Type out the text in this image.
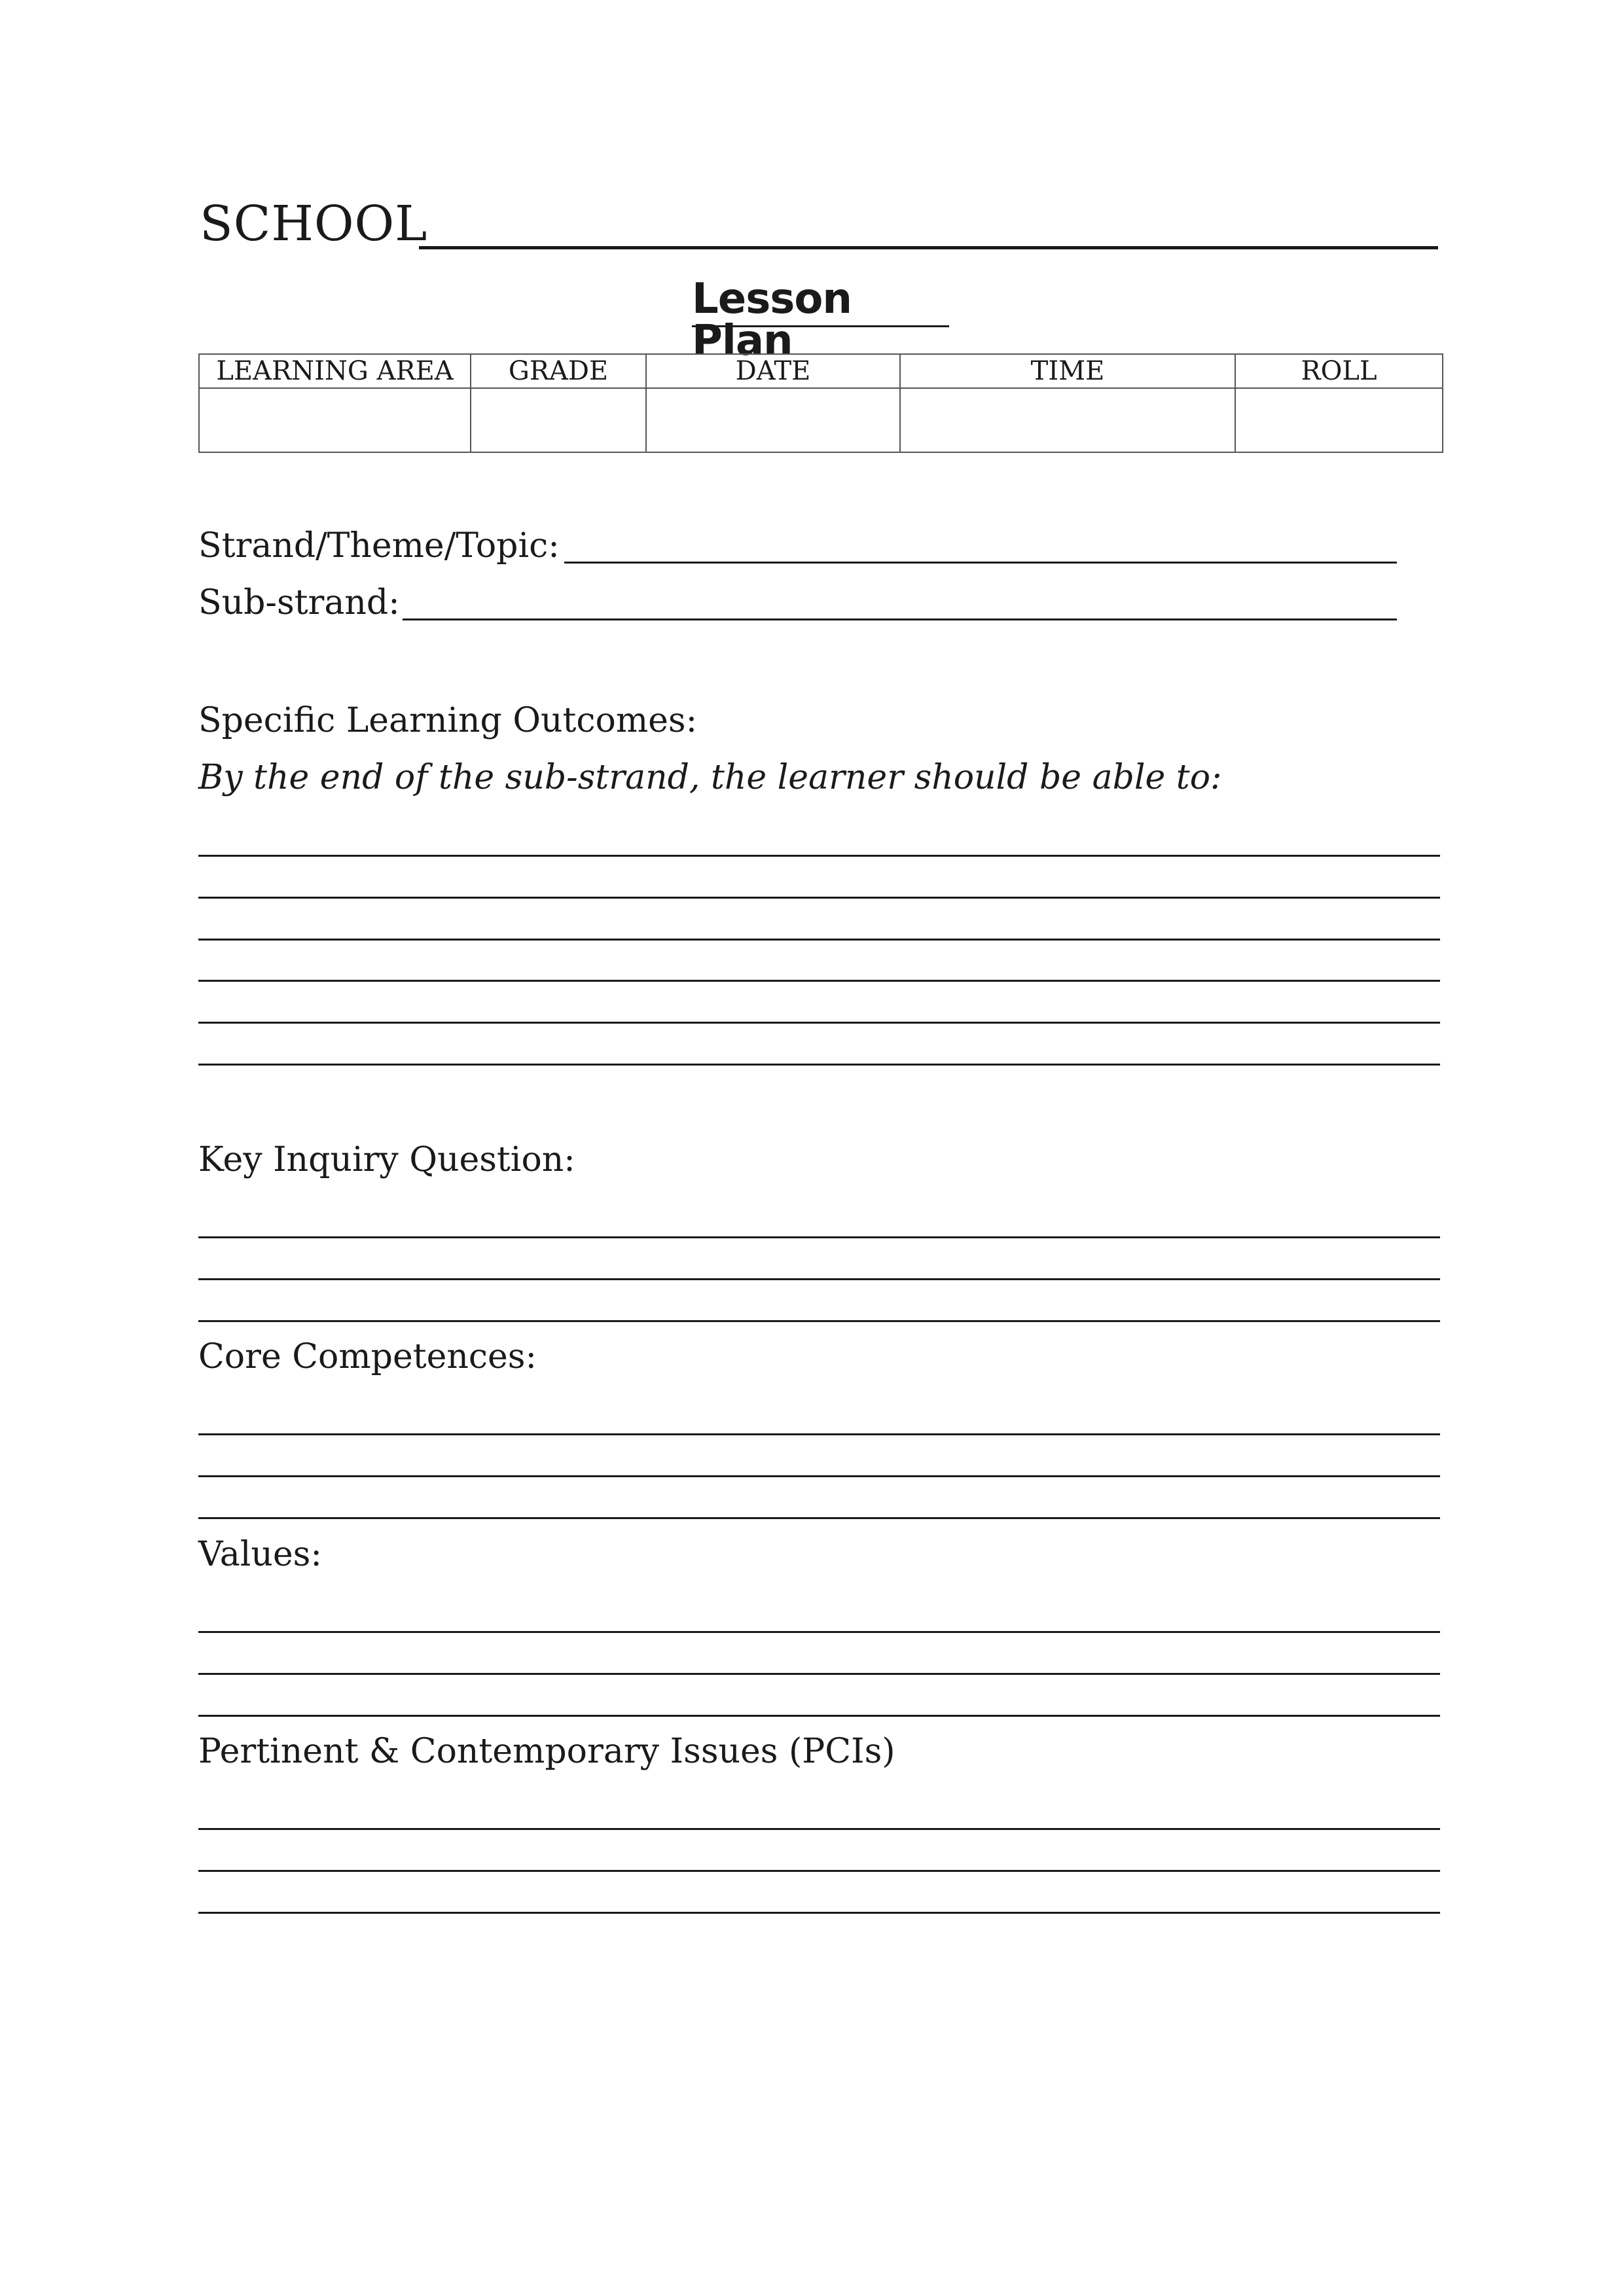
SCHOOL
Lesson Plan
LEARNING AREA	GRADE	DATE	TIME	ROLL

Strand/Theme/Topic:
Sub-strand:
Specific Learning Outcomes:
By the end of the sub-strand, the learner should be able to:
Key Inquiry Question:
Core Competences:
Values:
Pertinent & Contemporary Issues (PCIs)
